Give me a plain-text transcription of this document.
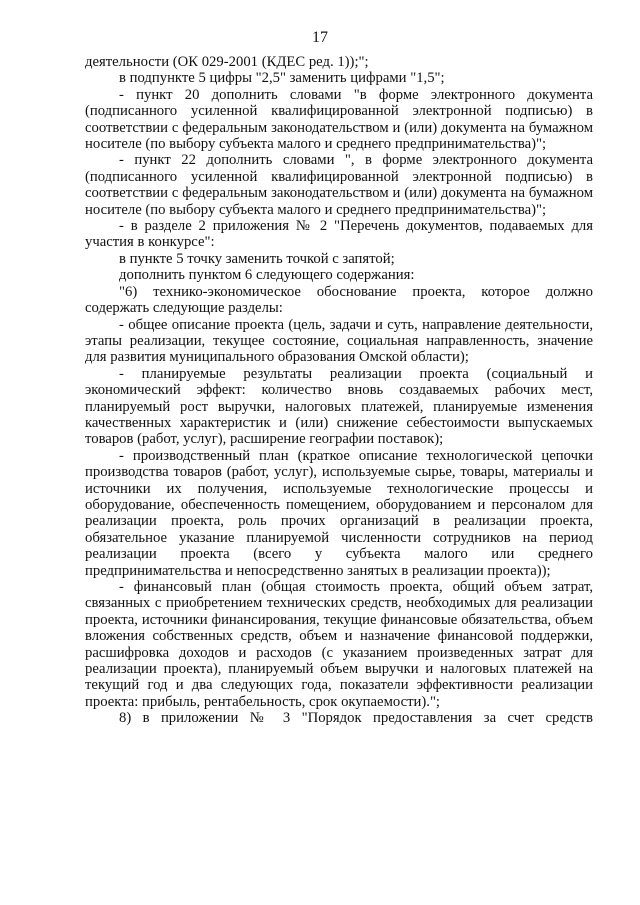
17

деятельности (ОК 029-2001 (КДЕС ред. 1));";

в подпункте 5 цифры "2,5" заменить цифрами "1,5";

- пункт 20 дополнить словами "в форме электронного документа (подписанного усиленной квалифицированной электронной подписью) в соответствии с федеральным законодательством и (или) документа на бумажном носителе (по выбору субъекта малого и среднего предпринимательства)";

- пункт 22 дополнить словами ", в форме электронного документа (подписанного усиленной квалифицированной электронной подписью) в соответствии с федеральным законодательством и (или) документа на бумажном носителе (по выбору субъекта малого и среднего предпринимательства)";

- в разделе 2 приложения № 2 "Перечень документов, подаваемых для участия в конкурсе":

в пункте 5 точку заменить точкой с запятой;

дополнить пунктом 6 следующего содержания:

"6) технико-экономическое обоснование проекта, которое должно содержать следующие разделы:

- общее описание проекта (цель, задачи и суть, направление деятельности, этапы реализации, текущее состояние, социальная направленность, значение для развития муниципального образования Омской области);

- планируемые результаты реализации проекта (социальный и экономический эффект: количество вновь создаваемых рабочих мест, планируемый рост выручки, налоговых платежей, планируемые изменения качественных характеристик и (или) снижение себестоимости выпускаемых товаров (работ, услуг), расширение географии поставок);

- производственный план (краткое описание технологической цепочки производства товаров (работ, услуг), используемые сырье, товары, материалы и источники их получения, используемые технологические процессы и оборудование, обеспеченность помещением, оборудованием и персоналом для реализации проекта, роль прочих организаций в реализации проекта, обязательное указание планируемой численности сотрудников на период реализации проекта (всего у субъекта малого или среднего предпринимательства и непосредственно занятых в реализации проекта));

- финансовый план (общая стоимость проекта, общий объем затрат, связанных с приобретением технических средств, необходимых для реализации проекта, источники финансирования, текущие финансовые обязательства, объем вложения собственных средств, объем и назначение финансовой поддержки, расшифровка доходов и расходов (с указанием произведенных затрат для реализации проекта), планируемый объем выручки и налоговых платежей на текущий год и два следующих года, показатели эффективности реализации проекта: прибыль, рентабельность, срок окупаемости).";

8) в приложении № 3 "Порядок предоставления за счет средств
